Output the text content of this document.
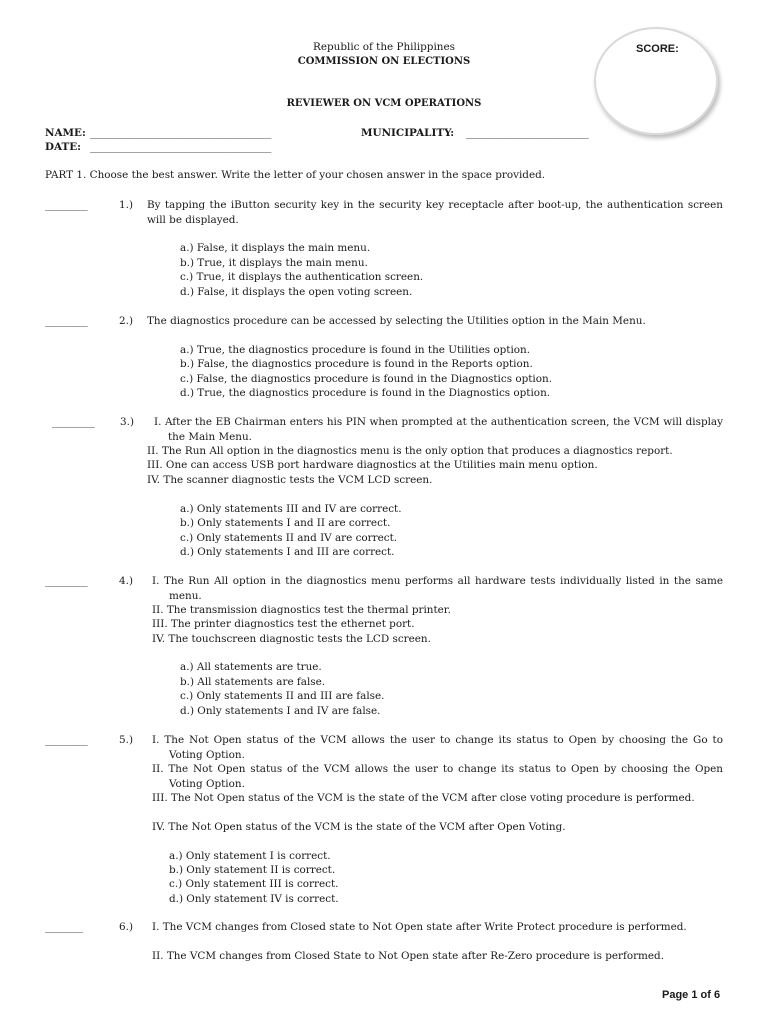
Republic of the Philippines
COMMISSION ON ELECTIONS
REVIEWER ON VCM OPERATIONS
SCORE:
NAME: _____________________________________	MUNICIPALITY: _________________________
DATE: _____________________________________
PART 1. Choose the best answer. Write the letter of your chosen answer in the space provided.
_________	1.) By tapping the iButton security key in the security key receptacle after boot-up, the authentication screen will be displayed.
a.) False, it displays the main menu.
b.) True, it displays the main menu.
c.) True, it displays the authentication screen.
d.) False, it displays the open voting screen.
_________	2.) The diagnostics procedure can be accessed by selecting the Utilities option in the Main Menu.
a.) True, the diagnostics procedure is found in the Utilities option.
b.) False, the diagnostics procedure is found in the Reports option.
c.) False, the diagnostics procedure is found in the Diagnostics option.
d.) True, the diagnostics procedure is found in the Diagnostics option.
_________	3.)	I. After the EB Chairman enters his PIN when prompted at the authentication screen, the VCM will display the Main Menu.
II. The Run All option in the diagnostics menu is the only option that produces a diagnostics report.
III. One can access USB port hardware diagnostics at the Utilities main menu option.
IV. The scanner diagnostic tests the VCM LCD screen.
a.) Only statements III and IV are correct.
b.) Only statements I and II are correct.
c.) Only statements II and IV are correct.
d.) Only statements I and III are correct.
_________	4.) I. The Run All option in the diagnostics menu performs all hardware tests individually listed in the same menu.
II. The transmission diagnostics test the thermal printer.
III. The printer diagnostics test the ethernet port.
IV. The touchscreen diagnostic tests the LCD screen.
a.) All statements are true.
b.) All statements are false.
c.) Only statements II and III are false.
d.) Only statements I and IV are false.
_________	5.) I. The Not Open status of the VCM allows the user to change its status to Open by choosing the Go to Voting Option.
II. The Not Open status of the VCM allows the user to change its status to Open by choosing the Open Voting Option.
III. The Not Open status of the VCM is the state of the VCM after close voting procedure is performed.
IV. The Not Open status of the VCM is the state of the VCM after Open Voting.
a.) Only statement I is correct.
b.) Only statement II is correct.
c.) Only statement III is correct.
d.) Only statement IV is correct.
________	6.) I. The VCM changes from Closed state to Not Open state after Write Protect procedure is performed.
II. The VCM changes from Closed State to Not Open state after Re-Zero procedure is performed.
Page 1 of 6
